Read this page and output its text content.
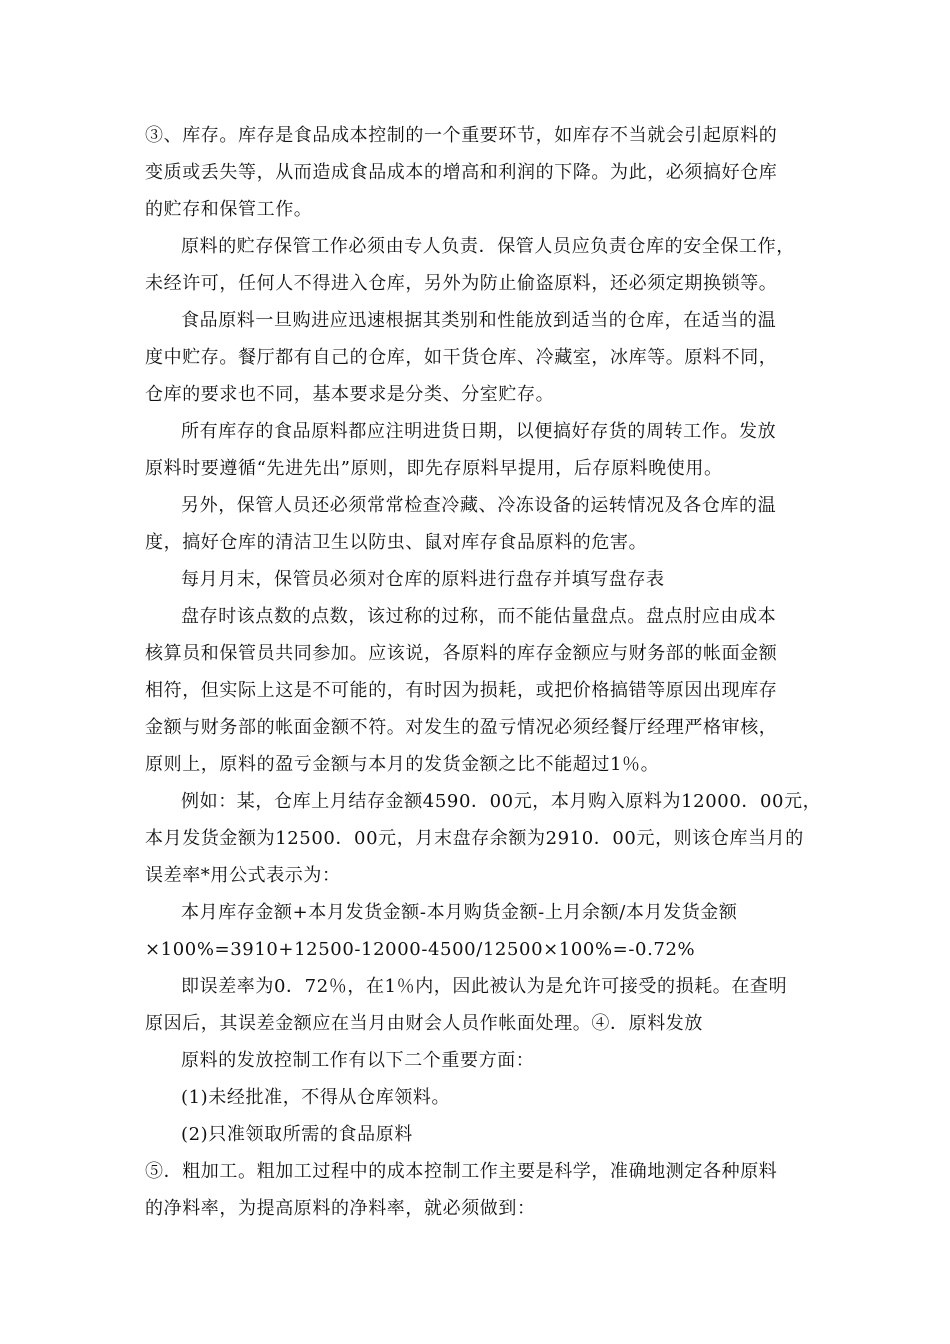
③、库存。库存是食品成本控制的一个重要环节，如库存不当就会引起原料的
变质或丢失等，从而造成食品成本的增高和利润的下降。为此，必须搞好仓库
的贮存和保管工作。
原料的贮存保管工作必须由专人负责．保管人员应负责仓库的安全保工作，
未经许可，任何人不得进入仓库，另外为防止偷盗原料，还必须定期换锁等。
食品原料一旦购进应迅速根据其类别和性能放到适当的仓库，在适当的温
度中贮存。餐厅都有自己的仓库，如干货仓库、冷藏室，冰库等。原料不同，
仓库的要求也不同，基本要求是分类、分室贮存。
所有库存的食品原料都应注明进货日期，以便搞好存货的周转工作。发放
原料时要遵循“先进先出”原则，即先存原料早提用，后存原料晚使用。
另外，保管人员还必须常常检查冷藏、冷冻设备的运转情况及各仓库的温
度，搞好仓库的清洁卫生以防虫、鼠对库存食品原料的危害。
每月月末，保管员必须对仓库的原料进行盘存并填写盘存表
盘存时该点数的点数，该过称的过称，而不能估量盘点。盘点肘应由成本
核算员和保管员共同参加。应该说，各原料的库存金额应与财务部的帐面金额
相符，但实际上这是不可能的，有时因为损耗，或把价格搞错等原因出现库存
金额与财务部的帐面金额不符。对发生的盈亏情况必须经餐厅经理严格审核，
原则上，原料的盈亏金额与本月的发货金额之比不能超过1％。
例如：某，仓库上月结存金额4590．00元，本月购入原料为12000．00元，
本月发货金额为12500．00元，月末盘存余额为2910．00元，则该仓库当月的
误差率*用公式表示为：
本月库存金额+本月发货金额-本月购货金额-上月余额/本月发货金额
×100%=3910+12500-12000-4500/12500×100%=-0.72%
即误差率为0．72％，在1％内，因此被认为是允许可接受的损耗。在查明
原因后，其误差金额应在当月由财会人员作帐面处理。④．原料发放
原料的发放控制工作有以下二个重要方面：
(1)未经批准，不得从仓库领料。
(2)只准领取所需的食品原料
⑤．粗加工。粗加工过程中的成本控制工作主要是科学，准确地测定各种原料
的净料率，为提高原料的净料率，就必须做到：
